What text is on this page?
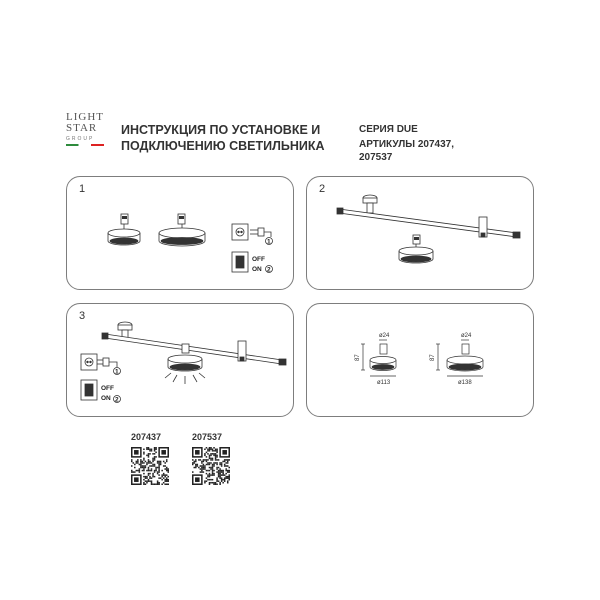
LIGHT
STAR
GROUP
ИНСТРУКЦИЯ ПО УСТАНОВКЕ И
ПОДКЛЮЧЕНИЮ СВЕТИЛЬНИКА
СЕРИЯ DUE
АРТИКУЛЫ 207437,
207537
1
1
OFF
ON 2
2
3
1
OFF
ON 2
ø24
87
ø113
ø24
87
ø138
207437	207537
